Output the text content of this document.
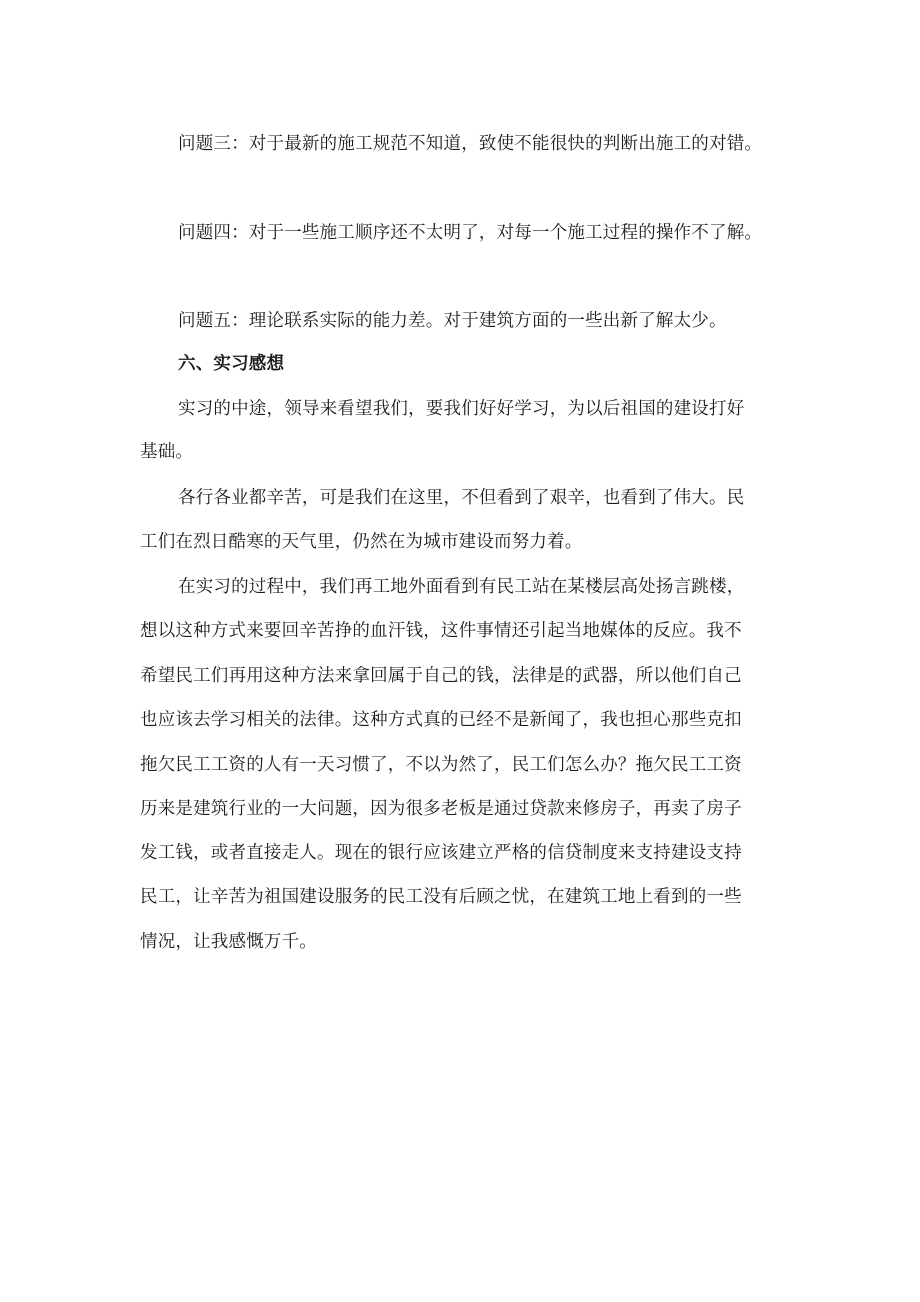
问题三：对于最新的施工规范不知道，致使不能很快的判断出施工的对错。
问题四：对于一些施工顺序还不太明了，对每一个施工过程的操作不了解。
问题五：理论联系实际的能力差。对于建筑方面的一些出新了解太少。
六、实习感想
实习的中途，领导来看望我们，要我们好好学习，为以后祖国的建设打好
基础。
各行各业都辛苦，可是我们在这里，不但看到了艰辛，也看到了伟大。民
工们在烈日酷寒的天气里，仍然在为城市建设而努力着。
在实习的过程中，我们再工地外面看到有民工站在某楼层高处扬言跳楼，
想以这种方式来要回辛苦挣的血汗钱，这件事情还引起当地媒体的反应。我不
希望民工们再用这种方法来拿回属于自己的钱，法律是的武器，所以他们自己
也应该去学习相关的法律。这种方式真的已经不是新闻了，我也担心那些克扣
拖欠民工工资的人有一天习惯了，不以为然了，民工们怎么办？拖欠民工工资
历来是建筑行业的一大问题，因为很多老板是通过贷款来修房子，再卖了房子
发工钱，或者直接走人。现在的银行应该建立严格的信贷制度来支持建设支持
民工，让辛苦为祖国建设服务的民工没有后顾之忧，在建筑工地上看到的一些
情况，让我感慨万千。
